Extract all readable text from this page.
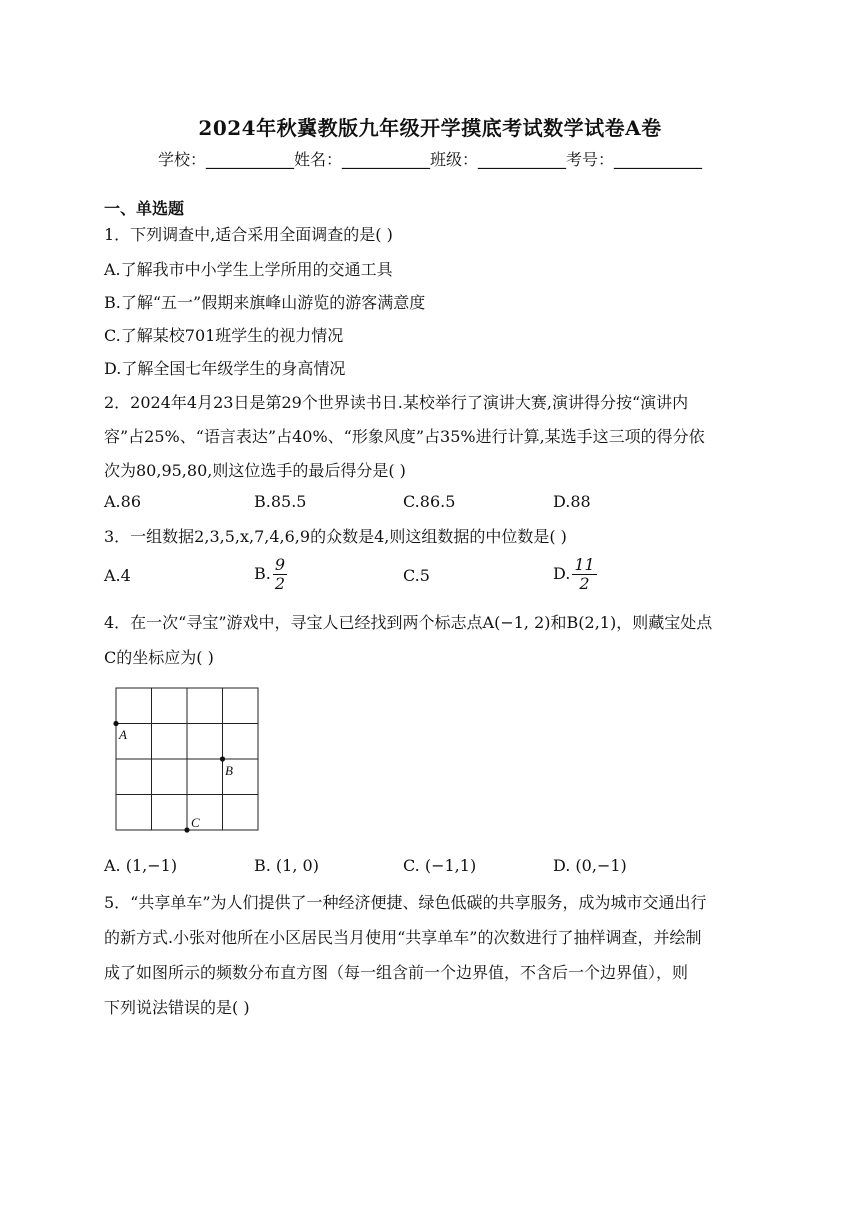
2024年秋冀教版九年级开学摸底考试数学试卷A卷
学校：___________姓名：___________班级：___________考号：___________
一、单选题
1．下列调查中,适合采用全面调查的是( )
A.了解我市中小学生上学所用的交通工具
B.了解“五一”假期来旗峰山游览的游客满意度
C.了解某校701班学生的视力情况
D.了解全国七年级学生的身高情况
2．2024年4月23日是第29个世界读书日.某校举行了演讲大赛,演讲得分按“演讲内
容”占25%、“语言表达”占40%、“形象风度”占35%进行计算,某选手这三项的得分依
次为80,95,80,则这位选手的最后得分是( )
A.86	B.85.5	C.86.5	D.88
3．一组数据2,3,5,x,7,4,6,9的众数是4,则这组数据的中位数是( )
A.4	B. $\frac{9}{2}$	C.5	D. $\frac{11}{2}$
4．在一次“寻宝”游戏中，寻宝人已经找到两个标志点A(−1, 2)和B(2,1)，则藏宝处点
C的坐标应为( )
A
B
C
A. (1,−1)	B. (1, 0)	C. (−1,1)	D. (0,−1)
5．“共享单车”为人们提供了一种经济便捷、绿色低碳的共享服务，成为城市交通出行
的新方式.小张对他所在小区居民当月使用“共享单车”的次数进行了抽样调查，并绘制
成了如图所示的频数分布直方图（每一组含前一个边界值，不含后一个边界值），则
下列说法错误的是( )
